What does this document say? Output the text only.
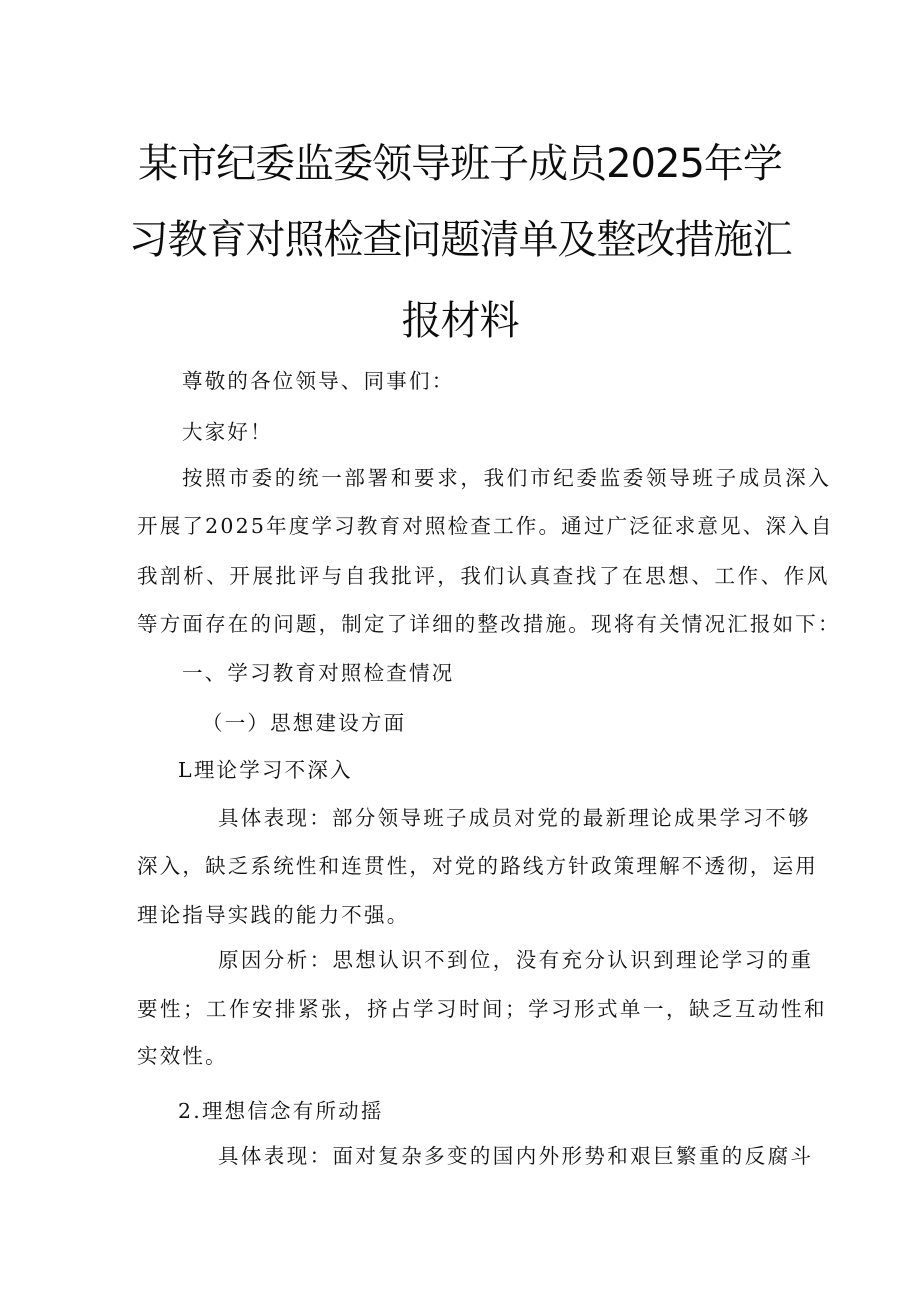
某市纪委监委领导班子成员2025年学
习教育对照检查问题清单及整改措施汇
报材料
尊敬的各位领导、同事们：
大家好！
按照市委的统一部署和要求，我们市纪委监委领导班子成员深入
开展了2025年度学习教育对照检查工作。通过广泛征求意见、深入自
我剖析、开展批评与自我批评，我们认真查找了在思想、工作、作风
等方面存在的问题，制定了详细的整改措施。现将有关情况汇报如下：
一、学习教育对照检查情况
（一）思想建设方面
L理论学习不深入
具体表现：部分领导班子成员对党的最新理论成果学习不够
深入，缺乏系统性和连贯性，对党的路线方针政策理解不透彻，运用
理论指导实践的能力不强。
原因分析：思想认识不到位，没有充分认识到理论学习的重
要性；工作安排紧张，挤占学习时间；学习形式单一，缺乏互动性和
实效性。
2.理想信念有所动摇
具体表现：面对复杂多变的国内外形势和艰巨繁重的反腐斗
